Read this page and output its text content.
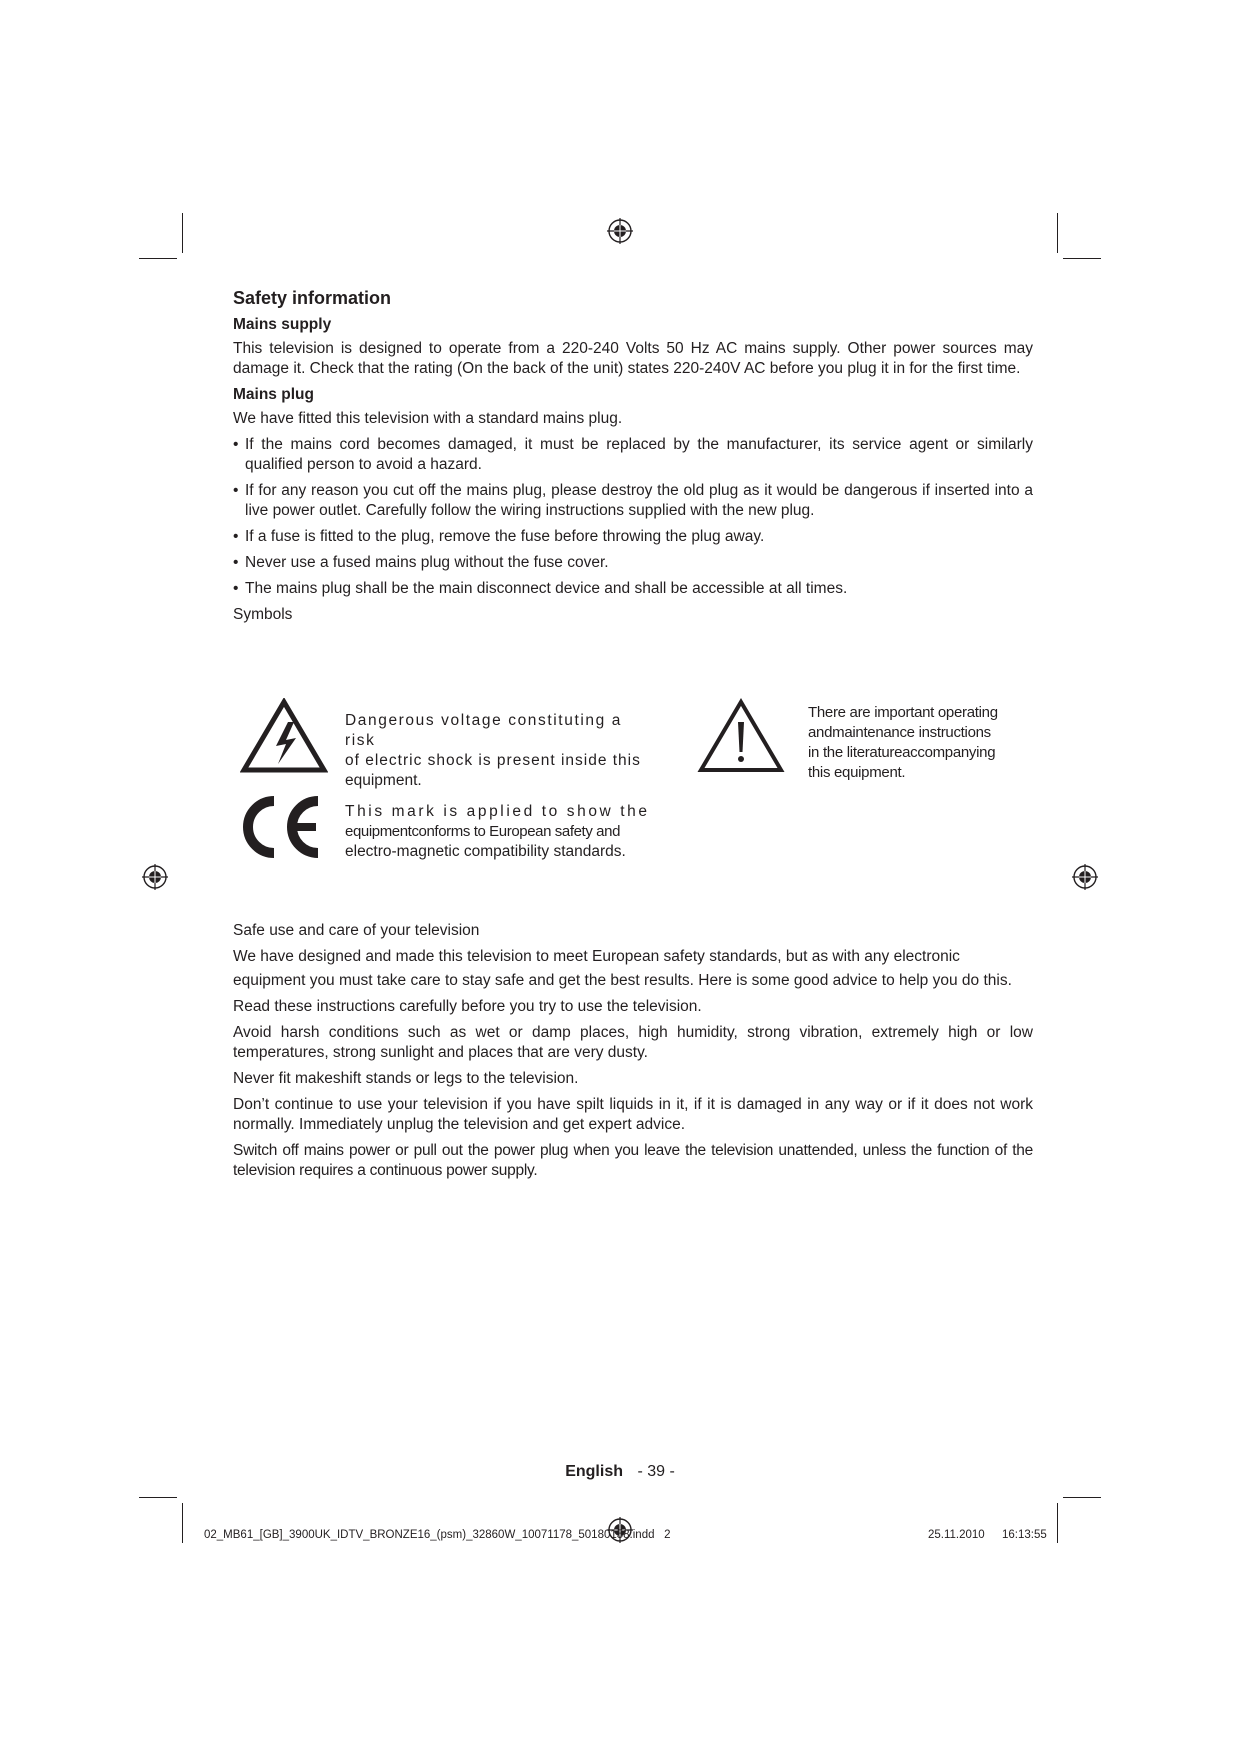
Safety information
Mains supply
This television is designed to operate from a 220-240 Volts 50 Hz AC mains supply. Other power sources may damage it. Check that the rating (On the back of the unit) states 220-240V AC before you plug it in for the first time.
Mains plug
We have fitted this television with a standard mains plug.
• If the mains cord becomes damaged, it must be replaced by the manufacturer, its service agent or similarly qualified person to avoid a hazard.
• If for any reason you cut off the mains plug, please destroy the old plug as it would be dangerous if inserted into a live power outlet. Carefully follow the wiring instructions supplied with the new plug.
• If a fuse is fitted to the plug, remove the fuse before throwing the plug away.
• Never use a fused mains plug without the fuse cover.
• The mains plug shall be the main disconnect device and shall be accessible at all times.
Symbols
Dangerous voltage constituting a risk
of electric shock is present inside this
equipment.
There are important operating
andmaintenance instructions
in the literatureaccompanying
this equipment.
This mark is applied to show the
equipmentconforms to European safety and
electro-magnetic compatibility standards.
Safe use and care of your television
We have designed and made this television to meet European safety standards, but as with any electronic
equipment you must take care to stay safe and get the best results. Here is some good advice to help you do this.
Read these instructions carefully before you try to use the television.
Avoid harsh conditions such as wet or damp places, high humidity, strong vibration, extremely high or low temperatures, strong sunlight and places that are very dusty.
Never fit makeshift stands or legs to the television.
Don’t continue to use your television if you have spilt liquids in it, if it is damaged in any way or if it does not work normally. Immediately unplug the television and get expert advice.
Switch off mains power or pull out the power plug when you leave the television unattended, unless the function of the television requires a continuous power supply.
English - 39 -
02_MB61_[GB]_3900UK_IDTV_BRONZE16_(psm)_32860W_10071178_50180158.indd   2	25.11.2010 16:13:55
